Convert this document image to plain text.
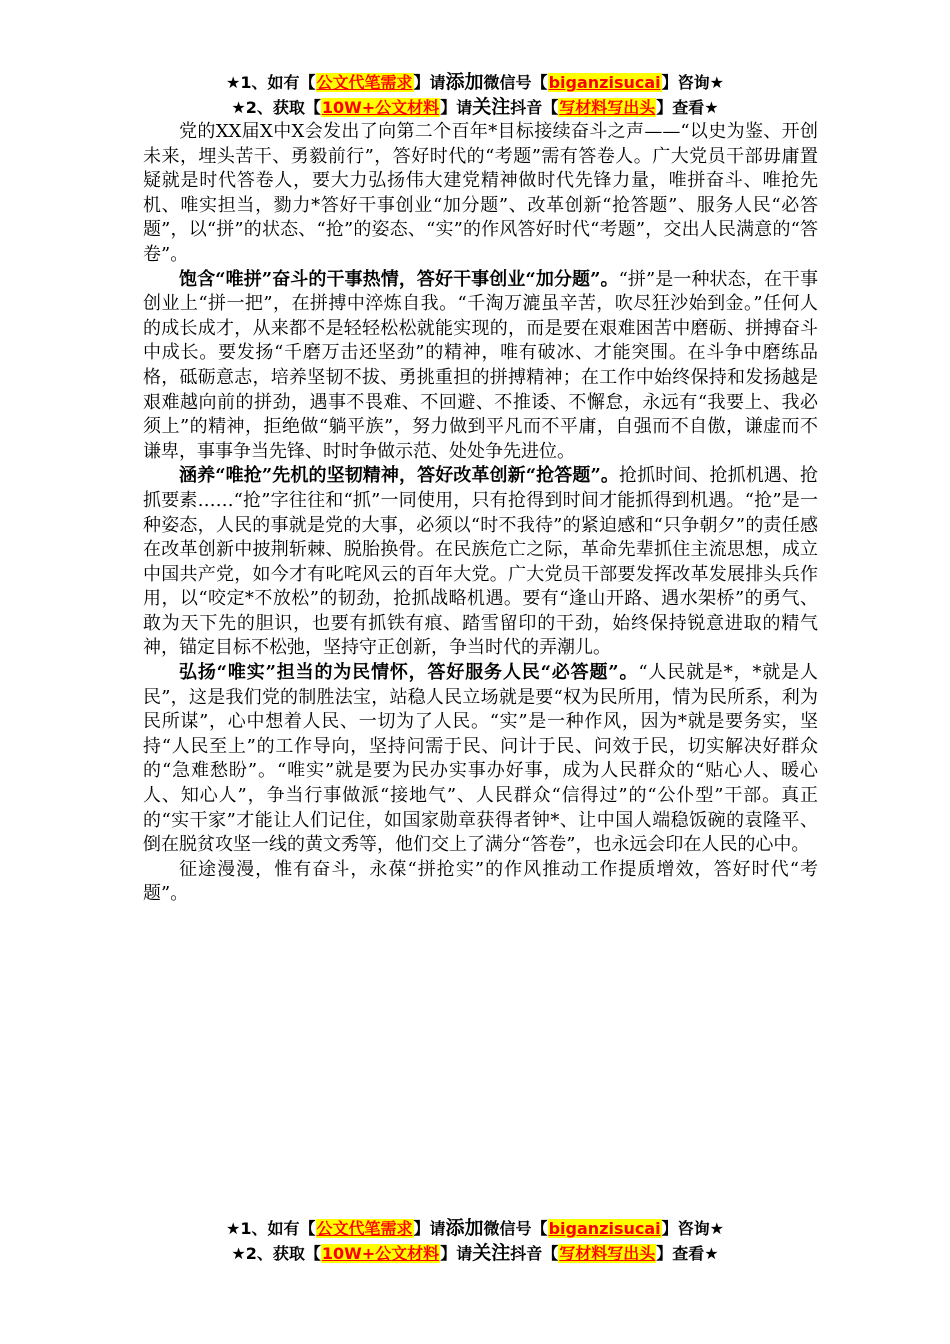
★1、如有【公文代笔需求】请添加微信号【biganzisucai】咨询★
★2、获取【10W+公文材料】请关注抖音【写材料写出头】查看★

党的XX届X中X会发出了向第二个百年*目标接续奋斗之声——“以史为鉴、开创未来，埋头苦干、勇毅前行”，答好时代的“考题”需有答卷人。广大党员干部毋庸置疑就是时代答卷人，要大力弘扬伟大建党精神做时代先锋力量，唯拼奋斗、唯抢先机、唯实担当，勠力*答好干事创业“加分题”、改革创新“抢答题”、服务人民“必答题”，以“拼”的状态、“抢”的姿态、“实”的作风答好时代“考题”，交出人民满意的“答卷”。

饱含“唯拼”奋斗的干事热情，答好干事创业“加分题”。“拼”是一种状态，在干事创业上“拼一把”，在拼搏中淬炼自我。“千淘万漉虽辛苦，吹尽狂沙始到金。”任何人的成长成才，从来都不是轻轻松松就能实现的，而是要在艰难困苦中磨砺、拼搏奋斗中成长。要发扬“千磨万击还坚劲”的精神，唯有破冰、才能突围。在斗争中磨练品格，砥砺意志，培养坚韧不拔、勇挑重担的拼搏精神；在工作中始终保持和发扬越是艰难越向前的拼劲，遇事不畏难、不回避、不推诿、不懈怠，永远有“我要上、我必须上”的精神，拒绝做“躺平族”，努力做到平凡而不平庸，自强而不自傲，谦虚而不谦卑，事事争当先锋、时时争做示范、处处争先进位。

涵养“唯抢”先机的坚韧精神，答好改革创新“抢答题”。抢抓时间、抢抓机遇、抢抓要素……“抢”字往往和“抓”一同使用，只有抢得到时间才能抓得到机遇。“抢”是一种姿态，人民的事就是党的大事，必须以“时不我待”的紧迫感和“只争朝夕”的责任感在改革创新中披荆斩棘、脱胎换骨。在民族危亡之际，革命先辈抓住主流思想，成立中国共产党，如今才有叱咤风云的百年大党。广大党员干部要发挥改革发展排头兵作用，以“咬定*不放松”的韧劲，抢抓战略机遇。要有“逢山开路、遇水架桥”的勇气、敢为天下先的胆识，也要有抓铁有痕、踏雪留印的干劲，始终保持锐意进取的精气神，锚定目标不松弛，坚持守正创新，争当时代的弄潮儿。

弘扬“唯实”担当的为民情怀，答好服务人民“必答题”。“人民就是*，*就是人民”，这是我们党的制胜法宝，站稳人民立场就是要“权为民所用，情为民所系，利为民所谋”，心中想着人民、一切为了人民。“实”是一种作风，因为*就是要务实，坚持“人民至上”的工作导向，坚持问需于民、问计于民、问效于民，切实解决好群众的“急难愁盼”。“唯实”就是要为民办实事办好事，成为人民群众的“贴心人、暖心人、知心人”，争当行事做派“接地气”、人民群众“信得过”的“公仆型”干部。真正的“实干家”才能让人们记住，如国家勋章获得者钟*、让中国人端稳饭碗的袁隆平、倒在脱贫攻坚一线的黄文秀等，他们交上了满分“答卷”，也永远会印在人民的心中。

征途漫漫，惟有奋斗，永葆“拼抢实”的作风推动工作提质增效，答好时代“考题”。

★1、如有【公文代笔需求】请添加微信号【biganzisucai】咨询★
★2、获取【10W+公文材料】请关注抖音【写材料写出头】查看★
